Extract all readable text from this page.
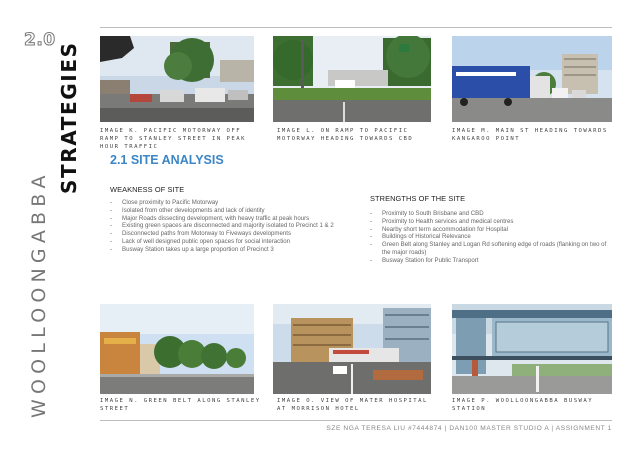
2.0
WOOLLOONGABBA
STRATEGIES	IMAGE K. PACIFIC MOTORWAY OFF RAMP TO STANLEY STREET IN PEAK HOUR TRAFFIC
IMAGE L. ON RAMP TO PACIFIC MOTORWAY HEADING TOWARDS CBD
IMAGE M. MAIN ST HEADING TOWARDS KANGAROO POINT
2.1 SITE ANALYSIS
WEAKNESS OF SITE
- Close proximity to Pacific Motorway
- Isolated from other developments and lack of identity
- Major Roads dissecting development, with heavy traffic at peak hours
- Existing green spaces are disconnected and majority isolated to Precinct 1 & 2
- Disconnected paths from Motorway to Fiveways developments
- Lack of well designed public open spaces for social interaction
- Busway Station takes up a large proportion of Precinct 3
STRENGTHS OF THE SITE
- Proximity to South Brisbane and CBD
- Proximity to Health services and medical centres
- Nearby short term accommodation for Hospital
- Buildings of Historical Relevance
- Green Belt along Stanley and Logan Rd softening edge of roads (flanking on two of the major roads)
- Busway Station for Public Transport
IMAGE N. GREEN BELT ALONG STANLEY STREET
IMAGE O. VIEW OF MATER HOSPITAL AT MORRISON HOTEL
IMAGE P. WOOLLOONGABBA BUSWAY STATION
SZE NGA TERESA LIU #7444874 | DAN100 MASTER STUDIO A | ASSIGNMENT 1
